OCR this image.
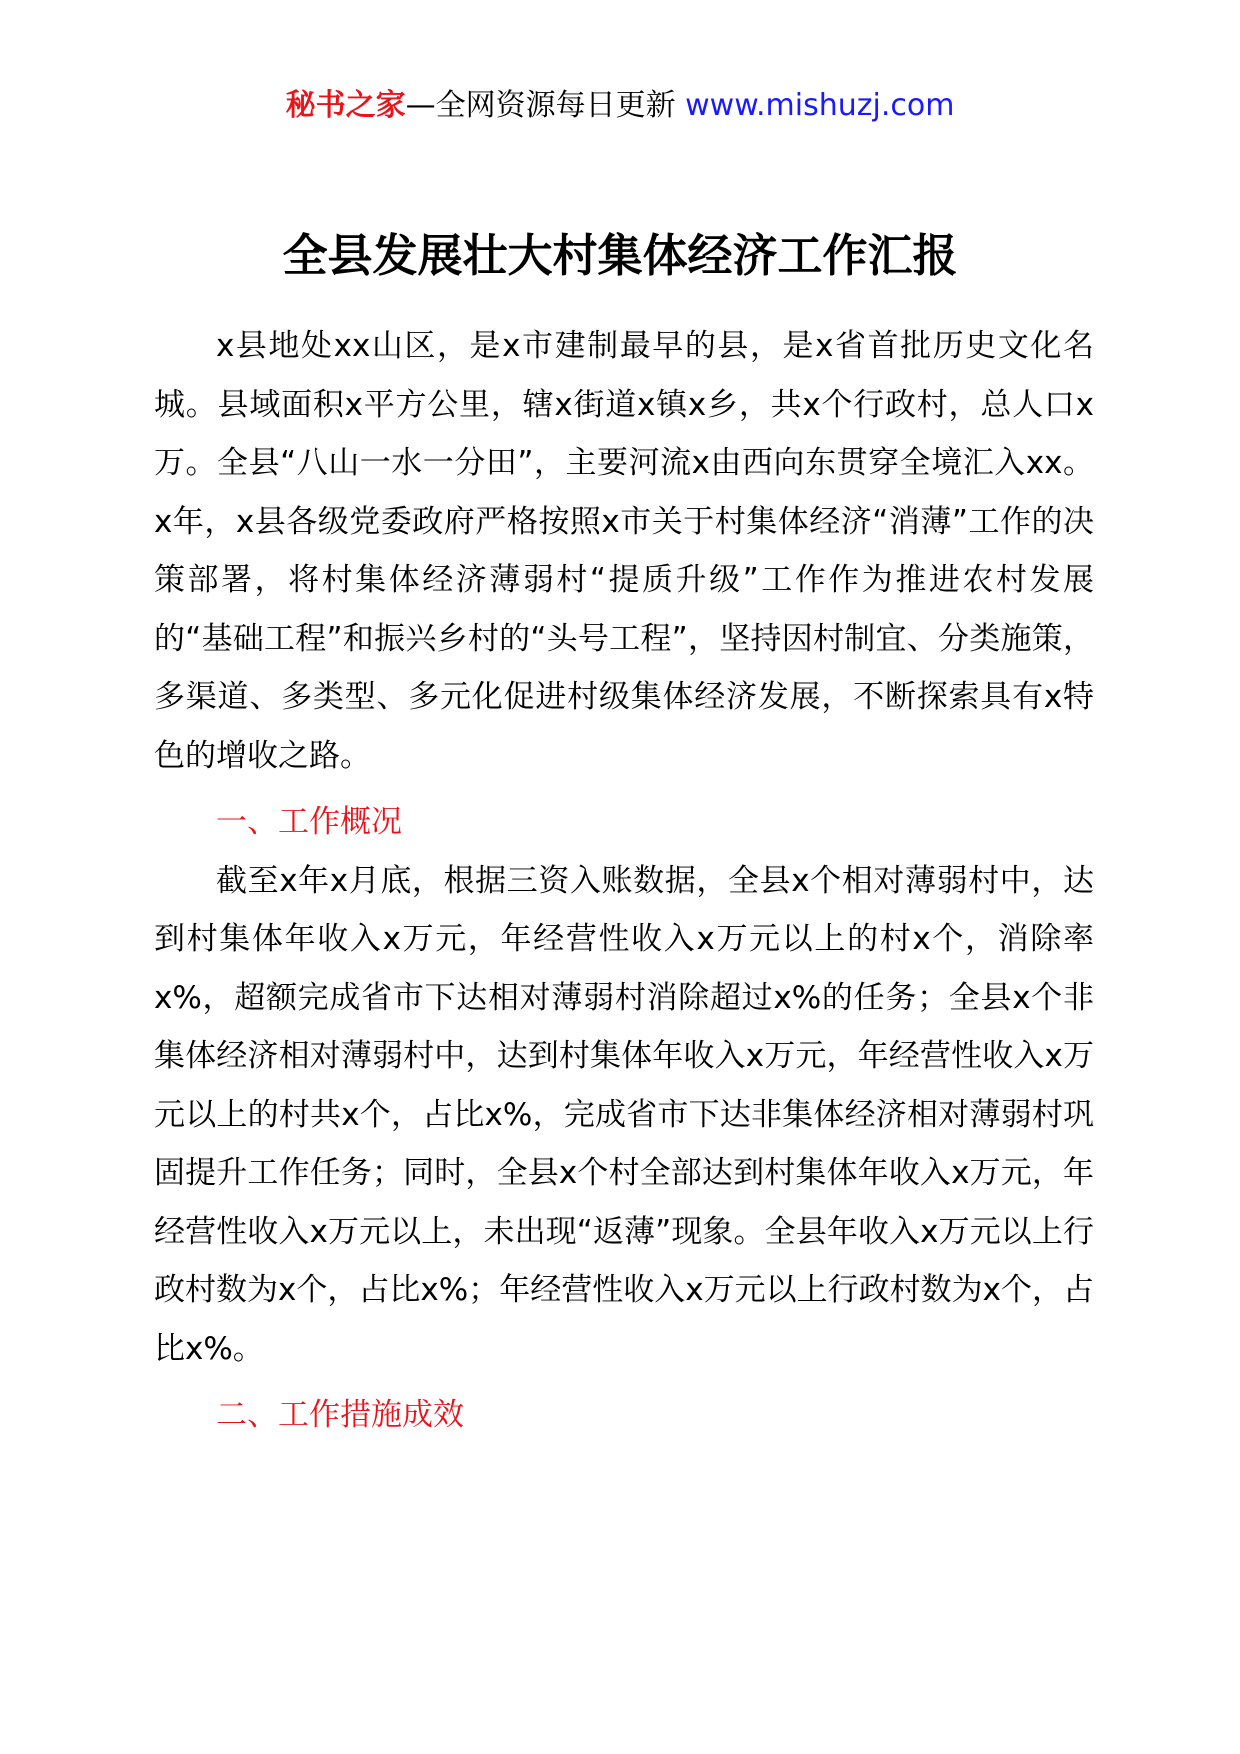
秘书之家—全网资源每日更新 www.mishuzj.com
全县发展壮大村集体经济工作汇报

x县地处xx山区，是x市建制最早的县，是x省首批历史文化名城。县域面积x平方公里，辖x街道x镇x乡，共x个行政村，总人口x万。全县“八山一水一分田”，主要河流x由西向东贯穿全境汇入xx。x年，x县各级党委政府严格按照x市关于村集体经济“消薄”工作的决策部署，将村集体经济薄弱村“提质升级”工作作为推进农村发展的“基础工程”和振兴乡村的“头号工程”，坚持因村制宜、分类施策，多渠道、多类型、多元化促进村级集体经济发展，不断探索具有x特色的增收之路。

一、工作概况

截至x年x月底，根据三资入账数据，全县x个相对薄弱村中，达到村集体年收入x万元，年经营性收入x万元以上的村x个，消除率x%，超额完成省市下达相对薄弱村消除超过x%的任务；全县x个非集体经济相对薄弱村中，达到村集体年收入x万元，年经营性收入x万元以上的村共x个，占比x%，完成省市下达非集体经济相对薄弱村巩固提升工作任务；同时，全县x个村全部达到村集体年收入x万元，年经营性收入x万元以上，未出现“返薄”现象。全县年收入x万元以上行政村数为x个，占比x%；年经营性收入x万元以上行政村数为x个，占比x%。

二、工作措施成效
